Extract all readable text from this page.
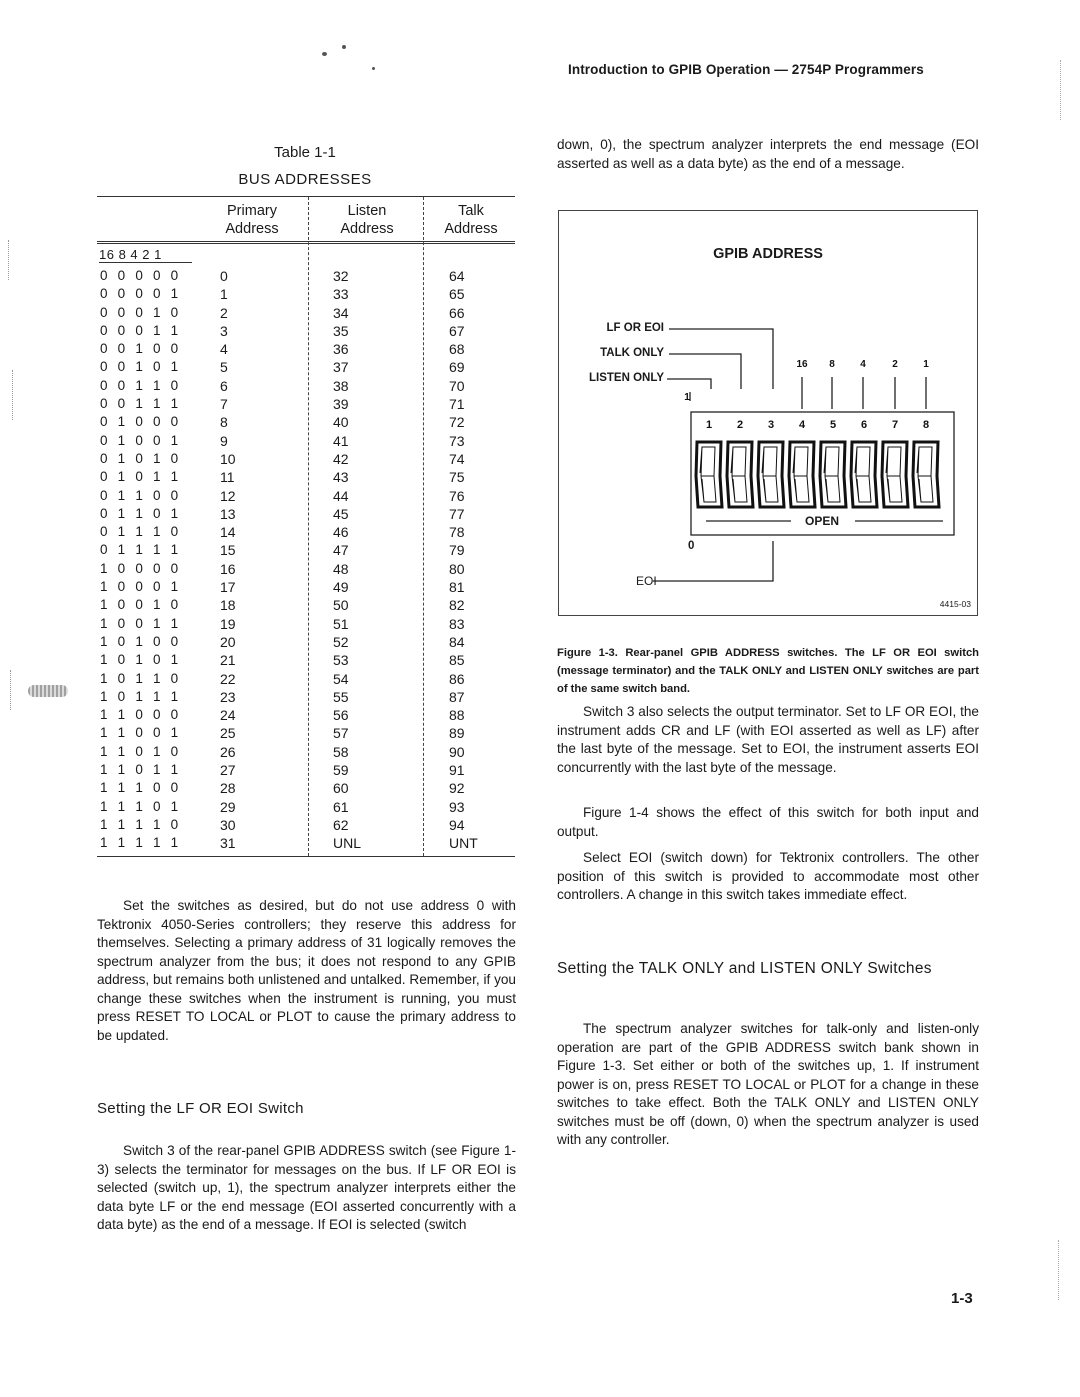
Introduction to GPIB Operation — 2754P Programmers
Table 1-1
BUS ADDRESSES
Primary
Address
Listen
Address
Talk
Address
16 8 4 2 1
0 0 0 0 0	0	32	64
0 0 0 0 1	1	33	65
0 0 0 1 0	2	34	66
0 0 0 1 1	3	35	67
0 0 1 0 0	4	36	68
0 0 1 0 1	5	37	69
0 0 1 1 0	6	38	70
0 0 1 1 1	7	39	71
0 1 0 0 0	8	40	72
0 1 0 0 1	9	41	73
0 1 0 1 0	10	42	74
0 1 0 1 1	11	43	75
0 1 1 0 0	12	44	76
0 1 1 0 1	13	45	77
0 1 1 1 0	14	46	78
0 1 1 1 1	15	47	79
1 0 0 0 0	16	48	80
1 0 0 0 1	17	49	81
1 0 0 1 0	18	50	82
1 0 0 1 1	19	51	83
1 0 1 0 0	20	52	84
1 0 1 0 1	21	53	85
1 0 1 1 0	22	54	86
1 0 1 1 1	23	55	87
1 1 0 0 0	24	56	88
1 1 0 0 1	25	57	89
1 1 0 1 0	26	58	90
1 1 0 1 1	27	59	91
1 1 1 0 0	28	60	92
1 1 1 0 1	29	61	93
1 1 1 1 0	30	62	94
1 1 1 1 1	31	UNL	UNT
Set the switches as desired, but do not use address 0 with Tektronix 4050-Series controllers; they reserve this address for themselves. Selecting a primary address of 31 logically removes the spectrum analyzer from the bus; it does not respond to any GPIB address, but remains both unlistened and untalked. Remember, if you change these switches when the instrument is running, you must press RESET TO LOCAL or PLOT to cause the primary address to be updated.
Setting the LF OR EOI Switch
Switch 3 of the rear-panel GPIB ADDRESS switch (see Figure 1-3) selects the terminator for messages on the bus. If LF OR EOI is selected (switch up, 1), the spectrum analyzer interprets either the data byte LF or the end message (EOI asserted concurrently with a data byte) as the end of a message. If EOI is selected (switch
down, 0), the spectrum analyzer interprets the end message (EOI asserted as well as a data byte) as the end of a message.
GPIB ADDRESS
1 2 3 4 5 6 7 8
16 8	4	2	1
1
LF OR EOI
TALK ONLY
LISTEN ONLY
OPEN
0
EOI
4415-03
Figure 1-3. Rear-panel GPIB ADDRESS switches. The LF OR EOI switch (message terminator) and the TALK ONLY and LISTEN ONLY switches are part of the same switch band.
Switch 3 also selects the output terminator. Set to LF OR EOI, the instrument adds CR and LF (with EOI asserted as well as LF) after the last byte of the message. Set to EOI, the instrument asserts EOI concurrently with the last byte of the message.
Figure 1-4 shows the effect of this switch for both input and output.
Select EOI (switch down) for Tektronix controllers. The other position of this switch is provided to accommodate most other controllers. A change in this switch takes immediate effect.
Setting the TALK ONLY and LISTEN ONLY Switches
The spectrum analyzer switches for talk-only and listen-only operation are part of the GPIB ADDRESS switch bank shown in Figure 1-3. Set either or both of the switches up, 1. If instrument power is on, press RESET TO LOCAL or PLOT for a change in these switches to take effect. Both the TALK ONLY and LISTEN ONLY switches must be off (down, 0) when the spectrum analyzer is used with any controller.
1-3
